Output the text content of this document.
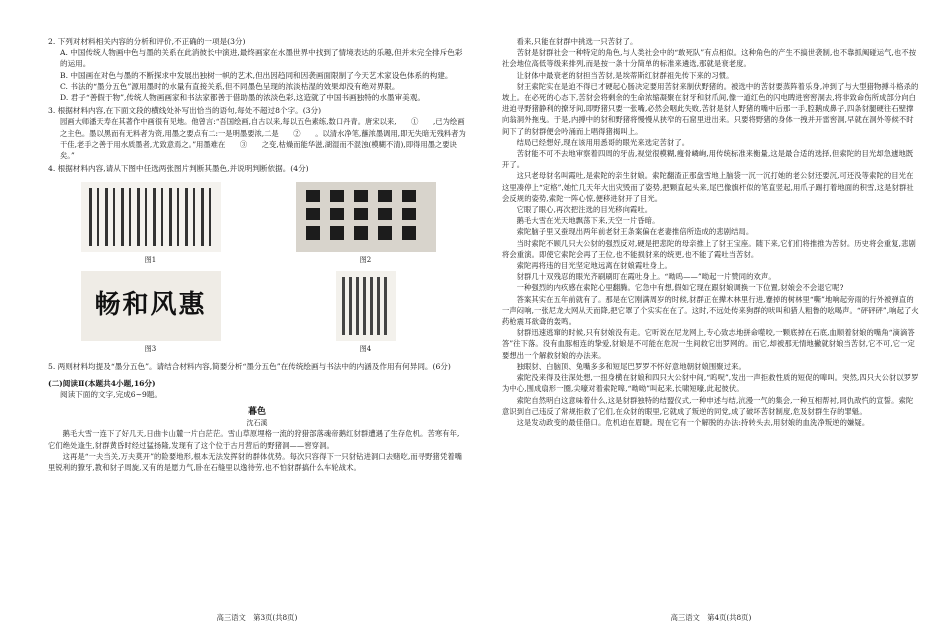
2. 下列对材料相关内容的分析和评价,不正确的一项是(3分)
A. 中国传统人物画中色与墨的关系在此消彼长中演进,最终画家在水墨世界中找到了情境表达的乐趣,但并未完全排斥色彩的运用。
B. 中国画在对色与墨的不断探求中发展出独树一帜的艺术,但出因趋同和因袭画面限制了今天艺术家设色体系的构建。
C. 书法的“墨分五色”源用墨时的水量有直接关系,但不同墨色呈现的浓淡枯湿的效果却没有绝对界限。
D. 君子“善假于物”,传统人物画画家和书法家都善于借助墨的浓淡色彩,这造就了中国书画独特的水墨审美观。
3. 根据材料内容,在下面文段的横线处补写出恰当的语句,每处不超过8个字。(3分)
园画大师潘天寿在其著作中画很有见地。他曾言:“吾国绘画,自古以来,每以五色素练,数口丹青。唐宋以来,　　①　　,已为绘画之主色。墨以黑而有无料者为资,用墨之要点有二:一是明墨要浓,二是　　②　　。以清水净笔,蘸浓墨调用,即无失暗无残料者为干佳,老手之善于用水质墨者,尤致意焉之。”用墨难在　　③　　之变,枯燥而能华滋,湖湿而不混浊(模糊不清),即得用墨之要诀矣。”
4. 根据材料内容,请从下图中任选两张图片判断其墨色,并说明判断依据。(4分)
图1	图2
畅和风惠
图3	图4
5. 两则材料均提及“墨分五色”。请结合材料内容,简要分析“墨分五色”在传统绘画与书法中的内涵及作用有何异同。(6分)
(二)阅读Ⅱ(本题共4小题,16分)
阅读下面的文字,完成6~9题。
暮色
沈石溪
鹅毛大雪一连下了好几天,日曲卡山麓一片白茫茫。雪山草原埋格一流的狩猎部落魂帝鹅红豺群遭遇了生存危机。苦寒有年,它们绝处逢生,豺群黄昏时经过猛扬隆,发现有了这个位于古月营后的野猪洞——窖穿洞。
这再是“一夫当关,万夫莫开”的险要地形,根本无法发挥豺的群体优势。每次只容得下一只豺钻进洞口去赌吃,而寻野猪凭着嘴里锐利的獠牙,教和豺子周旋,又有的是愿力气,卧在石缝里以逸待劳,也不怕豺群搞什么车轮战术。
高三语文　第3页(共8页)
看来,只能在豺群中挑选一只苦豺了。
苦豺是豺群社会一种特定的角色,与人类社会中的“敢死队”有点相似。这种角色的产生不搞世袭制,也不靠抓阄碰运气,也不按社会地位高低等级来排列,而是按一条十分简单的标准来遴选,那就是衰老度。
让豺体中最衰老的豺担当苦豺,是埃蒂斯红豺群祖先传下来的习惯。
豺王索陀实在是迫不得已才硬起心肠决定要用苦豺来制伏野猪的。被选中的苦豺要蒸阵着乐身,冲到了与大型猎物搏斗格杀的坡上。在必死的心态下,苦豺会将剩余的生命浓缩凝聚在豺牙和豺爪间,像一道红色的闪电睥进窖窖洞去,将非致命伤所成部分向白进迫寻野猪静利的撩牙间,即野猪只要一张嘴,必然会咽此失败,苦豺是豺人野猪的嘴中后那一手,腔鹅成鼻子,四条豺腿硬往石壁撑向翁洞外拖曳。于是,内搏中的豺和野猪将慢慢从狭窄的石窟里迸出来。只要将野猪的身体一拽并开雷窖洞,早就在洞外等候不时间下了的豺群便会吟涌而上唱得猪揭叫上。
结局已经想好,现在该用用悉哥的眼光来选定苦豺了。
苦豺能不可不去地审察着四周的牙齿,视觉很模糊,瘦骨嶙峋,用传统标准来衡量,这是最合适的选择,但索陀的目光却急遽地既开了。
这只老母豺名叫霞吐,是索陀的亲生豺娘。索陀翻渣正那盘雪地上脑袋一沉一沉打她的老公豺还要沉,可还没等索陀的目光在这里凑停上“定格”,她忙几天年大出灾毁而了姿势,把颗直起头来,尾巴像旗杆似的笔直竖起,用爪子踢打着地面的积雪,这是豺群社会反规的姿势,索陀一阵心惊,便移进豺开了目光。
它眼了眼心,再次把注选的目光移向霞吐。
鹅毛大雪在光天地飘荡下来,天空一片昏暗。
索陀脑子里又蚕现出两年前老豺王条案偏在老妻推倍所造成的悲剧结局。
当时索陀不顾几只大公豺的强烈反对,硬是把悲陀的母亲推上了豺王宝座。随下来,它们们将推推为苦豺。历史将会重复,悲剧将会重演。即使它索陀会再了王位,也不能损豺来的统更,也不能了霞吐当苦豺。
索陀再将违的目光坚定地远离在豺娘霞吐身上。
豺群几十双残忍的眼光齐刷刷盯在霞吐身上。“呦呜——”呦起一片赞同的欢声。
一种强烈的内疚感在索陀心里翻腾。它急中有想,假如它现在跟豺娘调换一下位置,豺娘会不会退它呢?
答案其实在五年前就有了。那是在它刚满周岁的时候,豺群正在撵木林里行进,蹇掉的树林里“嘶”地响起旁雨的行外被弹直的一声闷响,一张尼龙大网从天而降,把它罩了个实实在在了。这时,不远处传来狗群的吠叫和猎人粗鲁的吆喝声。“砰砰砰”,响起了火药枪震耳欲聋的轰鸣。
豺群迅速逃窜的时候,只有豺娘没有走。它听说在尼龙网上,专心致志地拼命噬咬,一颗底掉在石底,血顺着豺娘的嘴角“滴滴答答”往下落。没有血豚相连的挚爱,豺娘是不可能在危况一生间救它出罗网的。而它,却被那无情地撇就豺娘当苦豺,它不可,它一定要想出一个解救豺娘的办法来。
独眼豺、白脑顶、兔嘴多多和短尾巴罗罗不怀好意地朝豺娘围聚过来。
索陀没来得及往深处想,一扭身横在豺娘和四只大公豺中间,“呜呪”,发出一声拒救性质的短促的嗥叫。突然,四只大公豺以罗罗为中心,围成扇形一圈,尖嚎对着索陀嗥,“呦呦”叫起来,长啸短嚎,此起彼伏。
索陀自然明白这意味着什么,这是豺群独特的结盟仪式,一种申述与结,沆漫一气的集会,一种互相帮衬,同仇敌忾的宣誓。索陀意识到自己违反了常规拒救了它们,在众豺的眼里,它就成了叛逆的同党,成了破坏苦豺制度,危及豺群生存的罪魁。
这是发动政变的最佳借口。危机迫在眉睫。现在它有一个解脱的办法:持转头去,用豺娘的血洗净叛逆的嫌疑。
高三语文　第4页(共8页)
